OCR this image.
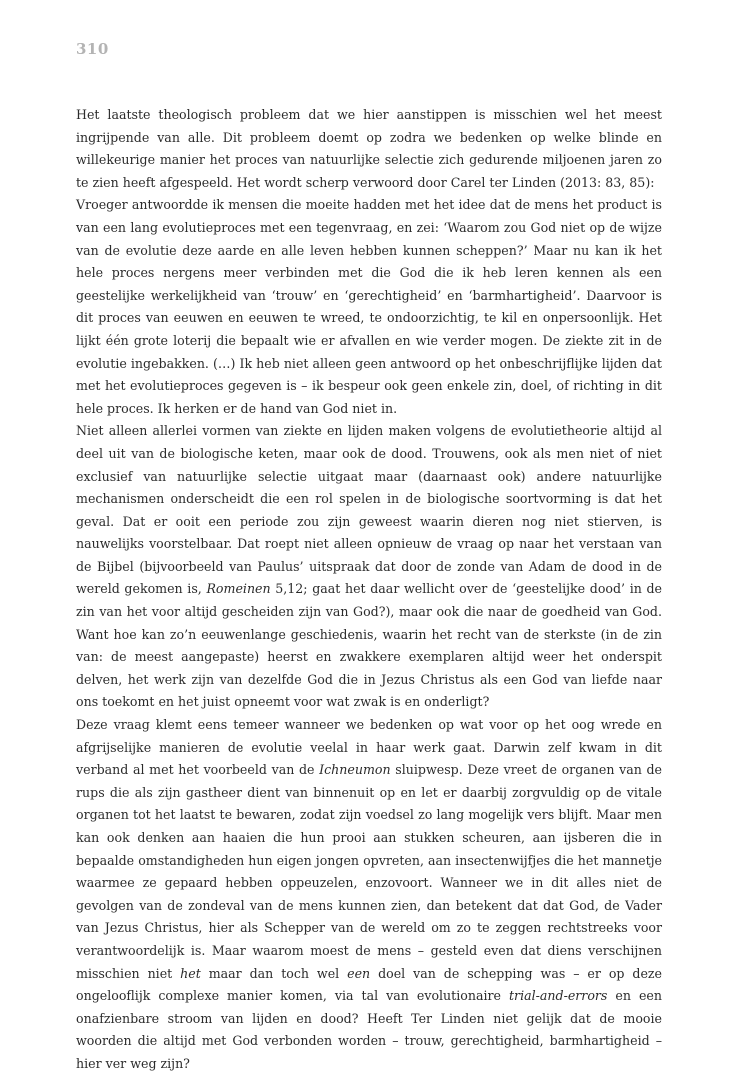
310

Het laatste theologisch probleem dat we hier aanstippen is misschien wel het meest ingrijpende van alle. Dit probleem doemt op zodra we bedenken op welke blinde en willekeurige manier het proces van natuurlijke selectie zich gedurende miljoenen jaren zo te zien heeft afgespeeld. Het wordt scherp verwoord door Carel ter Linden (2013: 83, 85):

Vroeger antwoordde ik mensen die moeite hadden met het idee dat de mens het product is van een lang evolutieproces met een tegenvraag, en zei: ‘Waarom zou God niet op de wijze van de evolutie deze aarde en alle leven hebben kunnen scheppen?’ Maar nu kan ik het hele proces nergens meer verbinden met die God die ik heb leren kennen als een geestelijke werkelijkheid van ‘trouw’ en ‘gerechtigheid’ en ‘barmhartigheid’. Daarvoor is dit proces van eeuwen en eeuwen te wreed, te ondoorzichtig, te kil en onpersoonlijk. Het lijkt één grote loterij die bepaalt wie er afvallen en wie verder mogen. De ziekte zit in de evolutie ingebakken. (…) Ik heb niet alleen geen antwoord op het onbeschrijflijke lijden dat met het evolutieproces gegeven is – ik bespeur ook geen enkele zin, doel, of richting in dit hele proces. Ik herken er de hand van God niet in.

Niet alleen allerlei vormen van ziekte en lijden maken volgens de evolutietheorie altijd al deel uit van de biologische keten, maar ook de dood. Trouwens, ook als men niet of niet exclusief van natuurlijke selectie uitgaat maar (daarnaast ook) andere natuurlijke mechanismen onderscheidt die een rol spelen in de biologische soortvorming is dat het geval. Dat er ooit een periode zou zijn geweest waarin dieren nog niet stierven, is nauwelijks voorstelbaar. Dat roept niet alleen opnieuw de vraag op naar het verstaan van de Bijbel (bijvoorbeeld van Paulus’ uitspraak dat door de zonde van Adam de dood in de wereld gekomen is, Romeinen 5,12; gaat het daar wellicht over de ‘geestelijke dood’ in de zin van het voor altijd gescheiden zijn van God?), maar ook die naar de goedheid van God. Want hoe kan zo’n eeuwenlange geschiedenis, waarin het recht van de sterkste (in de zin van: de meest aangepaste) heerst en zwakkere exemplaren altijd weer het onderspit delven, het werk zijn van dezelfde God die in Jezus Christus als een God van liefde naar ons toekomt en het juist opneemt voor wat zwak is en onderligt?

Deze vraag klemt eens temeer wanneer we bedenken op wat voor op het oog wrede en afgrijselijke manieren de evolutie veelal in haar werk gaat. Darwin zelf kwam in dit verband al met het voorbeeld van de Ichneumon sluipwesp. Deze vreet de organen van de rups die als zijn gastheer dient van binnenuit op en let er daarbij zorgvuldig op de vitale organen tot het laatst te bewaren, zodat zijn voedsel zo lang mogelijk vers blijft. Maar men kan ook denken aan haaien die hun prooi aan stukken scheuren, aan ijsberen die in bepaalde omstandigheden hun eigen jongen opvreten, aan insectenwijfjes die het mannetje waarmee ze gepaard hebben oppeuzelen, enzovoort. Wanneer we in dit alles niet de gevolgen van de zondeval van de mens kunnen zien, dan betekent dat dat God, de Vader van Jezus Christus, hier als Schepper van de wereld om zo te zeggen rechtstreeks voor verantwoordelijk is. Maar waarom moest de mens – gesteld even dat diens verschijnen misschien niet het maar dan toch wel een doel van de schepping was – er op deze ongelooflijk complexe manier komen, via tal van evolutionaire trial-and-errors en een onafzienbare stroom van lijden en dood? Heeft Ter Linden niet gelijk dat de mooie woorden die altijd met God verbonden worden – trouw, gerechtigheid, barmhartigheid – hier ver weg zijn?
